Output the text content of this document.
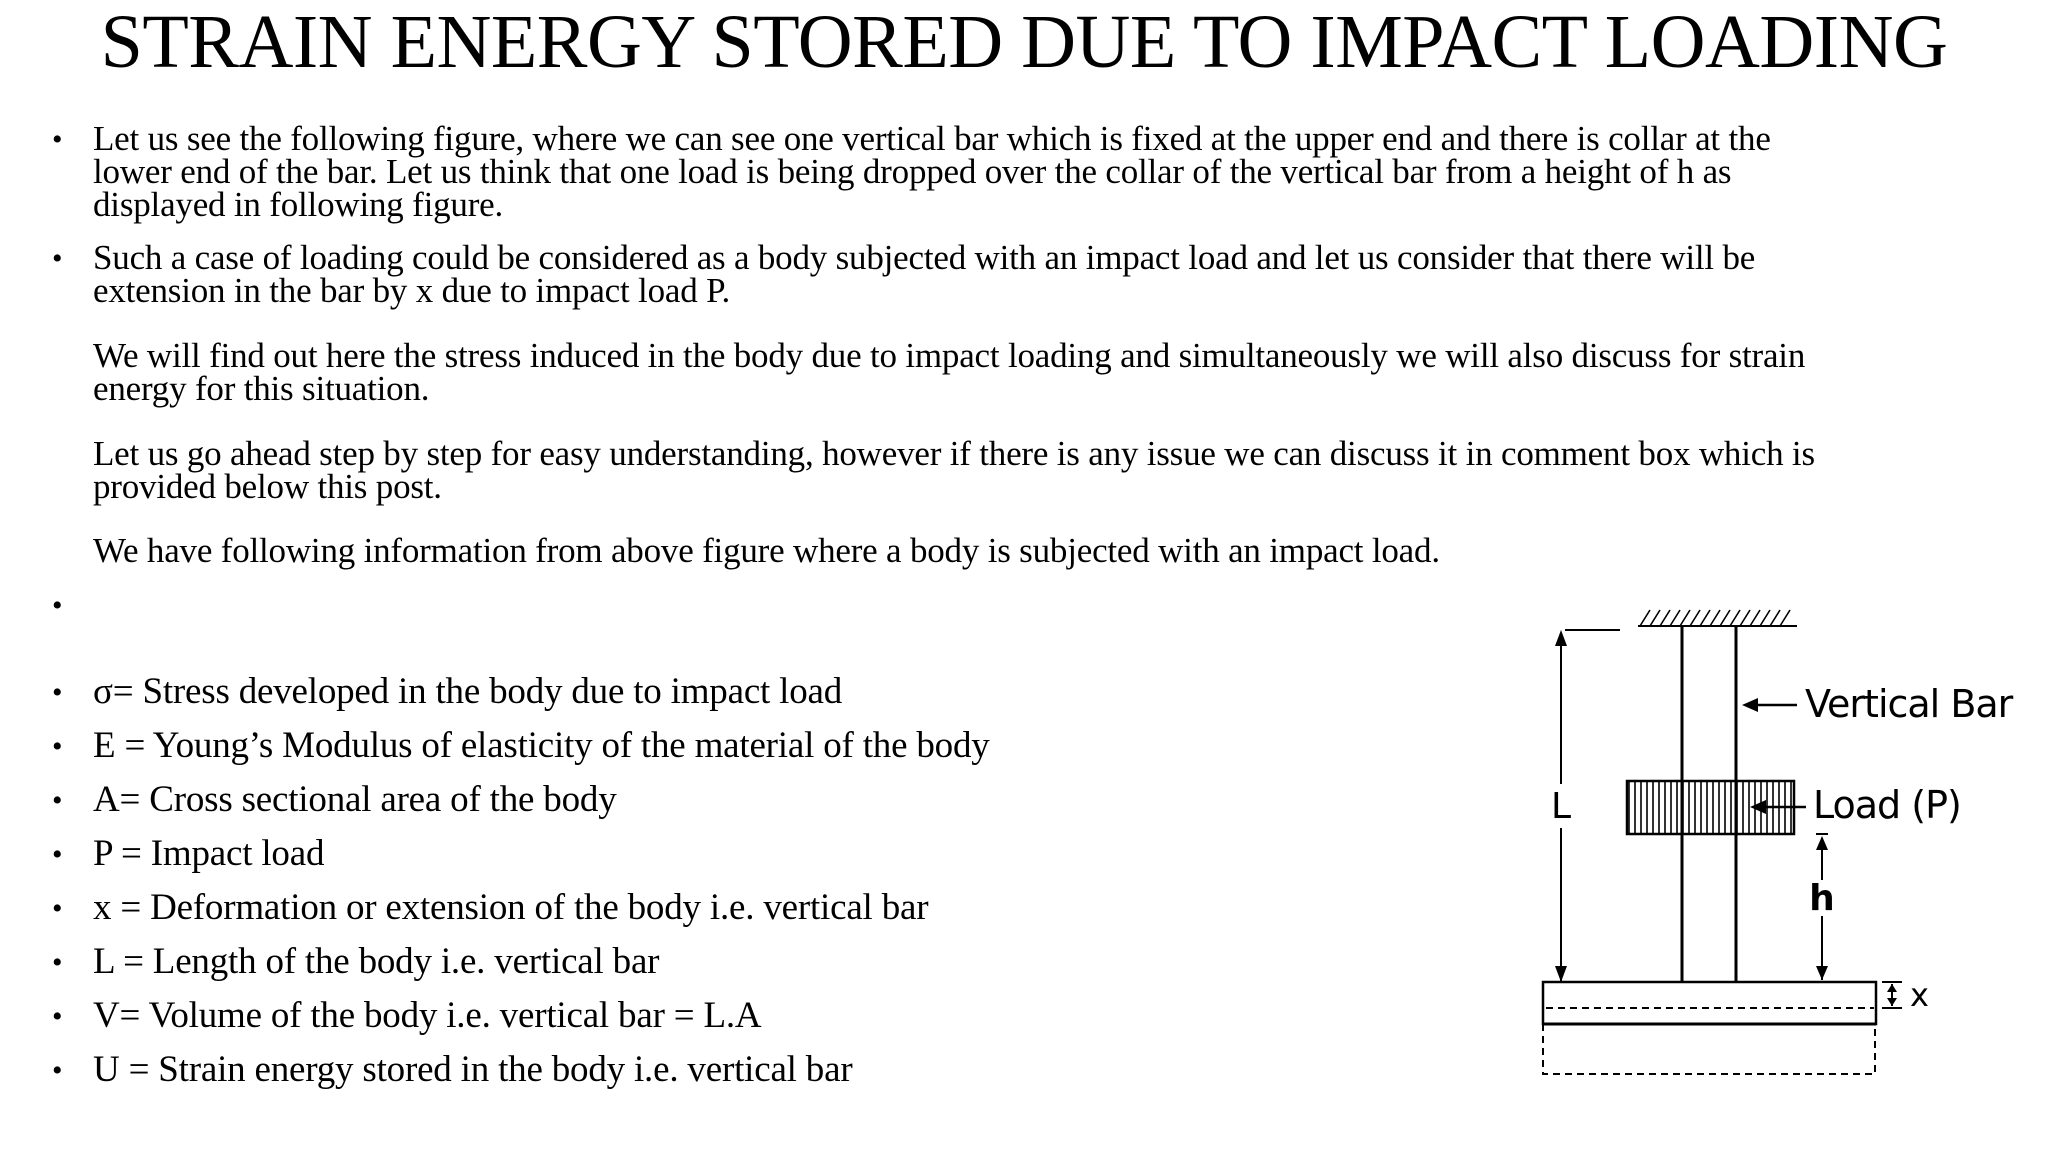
STRAIN ENERGY STORED DUE TO IMPACT LOADING
• Let us see the following figure, where we can see one vertical bar which is fixed at the upper end and there is collar at the
lower end of the bar. Let us think that one load is being dropped over the collar of the vertical bar from a height of h as
displayed in following figure.
• Such a case of loading could be considered as a body subjected with an impact load and let us consider that there will be
extension in the bar by x due to impact load P.
We will find out here the stress induced in the body due to impact loading and simultaneously we will also discuss for strain
energy for this situation.
Let us go ahead step by step for easy understanding, however if there is any issue we can discuss it in comment box which is
provided below this post.
We have following information from above figure where a body is subjected with an impact load.
•
• σ= Stress developed in the body due to impact load
• E = Young’s Modulus of elasticity of the material of the body
• A= Cross sectional area of the body
• P = Impact load
• x = Deformation or extension of the body i.e. vertical bar
• L = Length of the body i.e. vertical bar
• V= Volume of the body i.e. vertical bar = L.A
• U = Strain energy stored in the body i.e. vertical bar
L
Vertical Bar
Load (P)
h
x
